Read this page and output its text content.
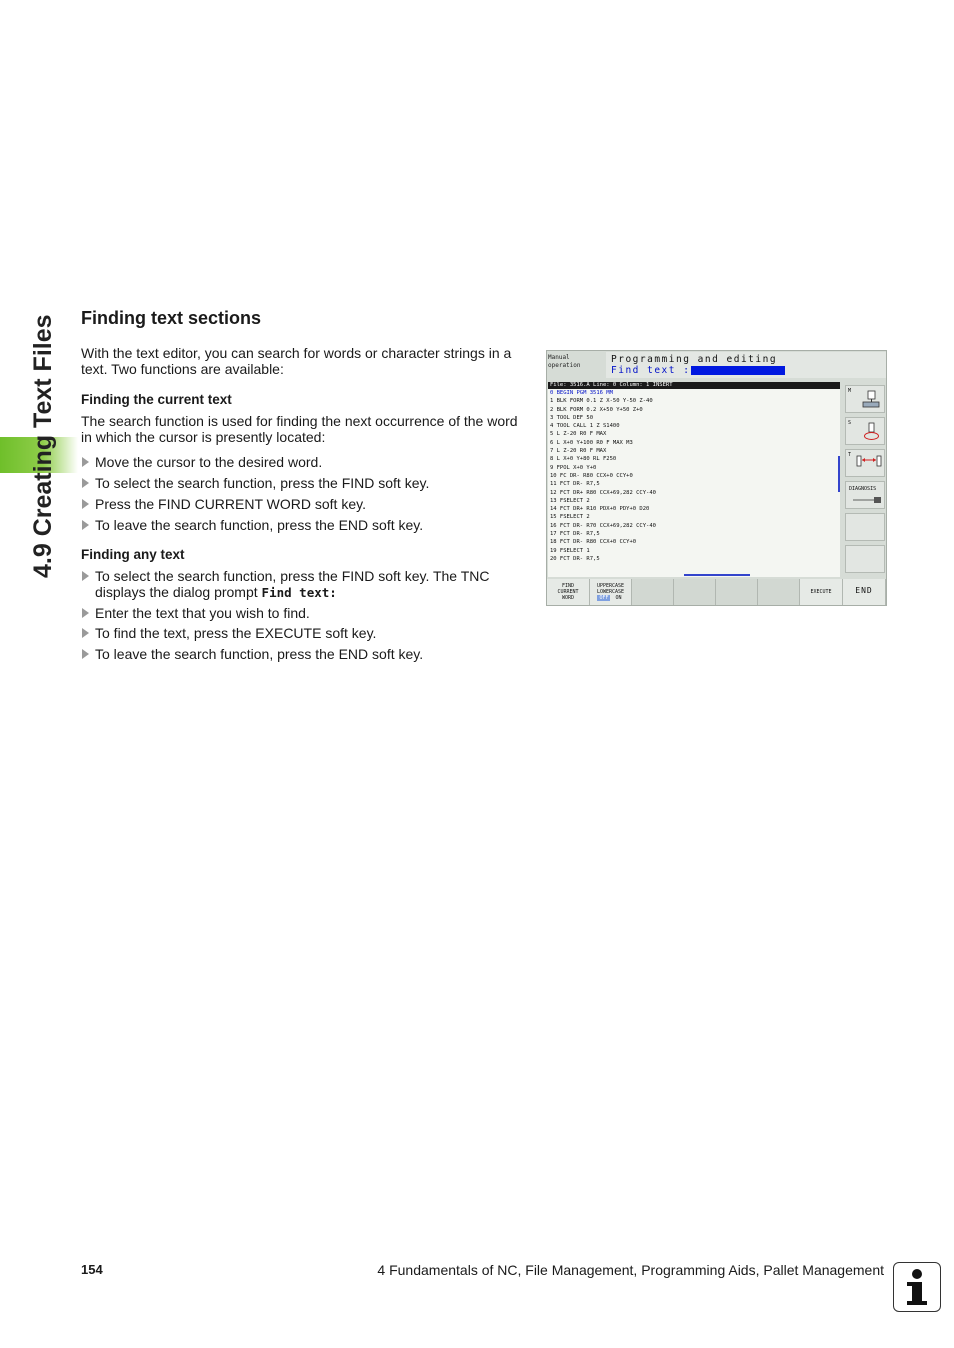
4.9 Creating Text Files Finding text sections

With the text editor, you can search for words or character strings in a text. Two functions are available:

Finding the current text

The search function is used for finding the next occurrence of the word in which the cursor is presently located:

Move the cursor to the desired word.
To select the search function, press the FIND soft key.
Press the FIND CURRENT WORD soft key.
To leave the search function, press the END soft key.
Finding any text
To select the search function, press the FIND soft key. The TNC displays the dialog prompt Find text:
Enter the text that you wish to find.
To find the text, press the EXECUTE soft key.
To leave the search function, press the END soft key.
Manual
operation
Programming and editing
Find text :
File: 3516.A Line: 0 Column: 1 INSERT
0 BEGIN PGM 3516 MM
1 BLK FORM 0.1 Z X-50 Y-50 Z-40
2 BLK FORM 0.2 X+50 Y+50 Z+0
3 TOOL DEF 50
4 TOOL CALL 1 Z S1400
5 L Z-20 R0 F MAX
6 L X+0 Y+100 R0 F MAX M3
7 L Z-20 R0 F MAX
8 L X+0 Y+80 RL F250
9 FPOL X+0 Y+0
10 FC DR- R80 CCX+0 CCY+0
11 FCT DR- R7,5
12 FCT DR+ R80 CCX+69,282 CCY-40
13 FSELECT 2
14 FCT DR+ R10 PDX+0 PDY+0 D20
15 FSELECT 2
16 FCT DR- R70 CCX+69,282 CCY-40
17 FCT DR- R7,5
18 FCT DR- R80 CCX+0 CCY+0
19 FSELECT 1
20 FCT DR- R7,5
M
S
T
DIAGNOSIS
FIND
CURRENT
WORD
UPPERCASE
LOWERCASE
OFF ON
EXECUTE	END
154	4 Fundamentals of NC, File Management, Programming Aids, Pallet Management
